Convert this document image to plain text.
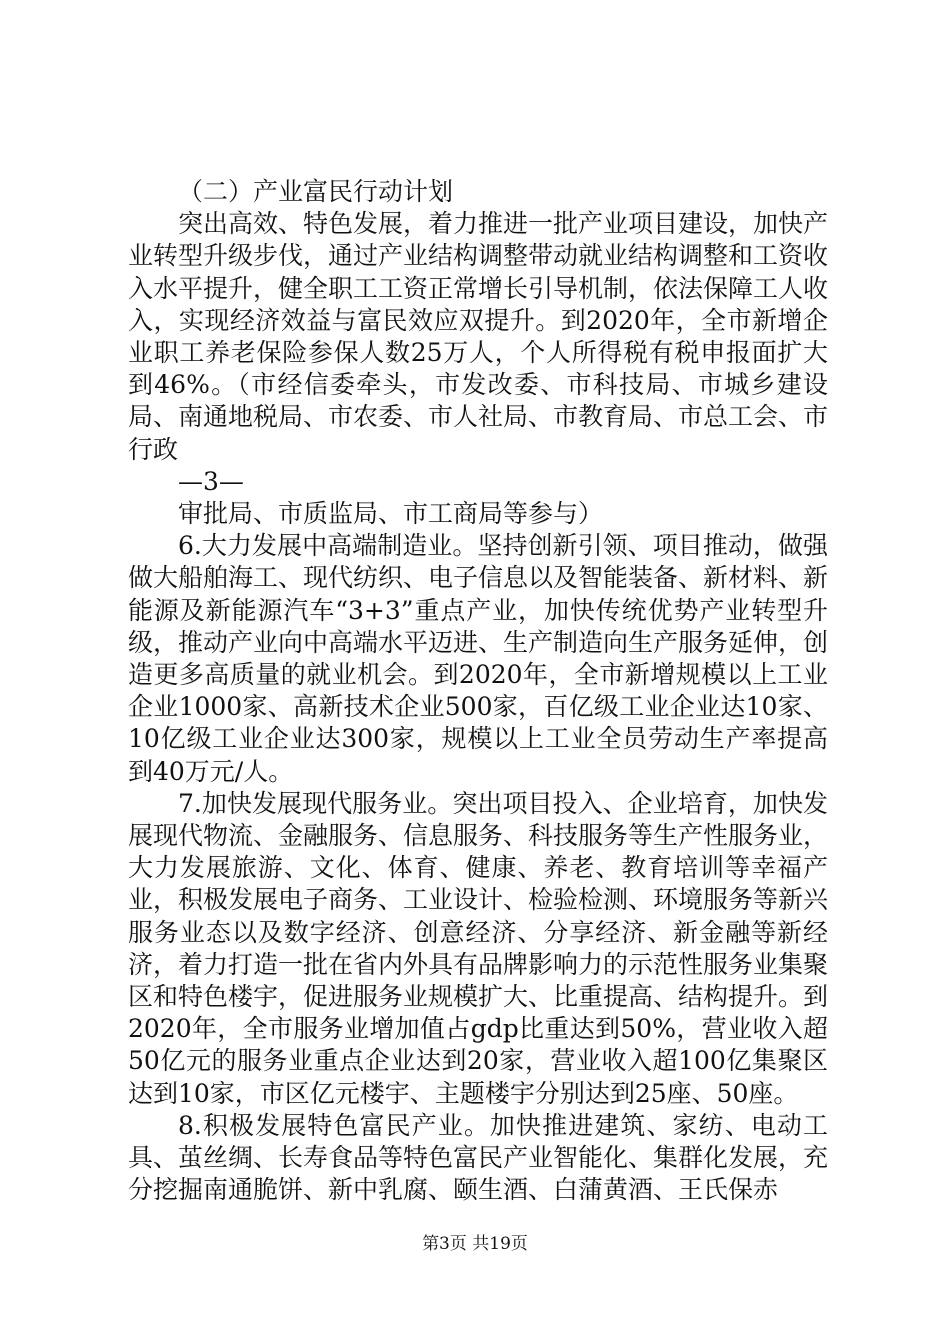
（二）产业富民行动计划

突出高效、特色发展，着力推进一批产业项目建设，加快产业转型升级步伐，通过产业结构调整带动就业结构调整和工资收入水平提升，健全职工工资正常增长引导机制，依法保障工人收入，实现经济效益与富民效应双提升。到2020年，全市新增企业职工养老保险参保人数25万人，个人所得税有税申报面扩大到46%。（市经信委牵头，市发改委、市科技局、市城乡建设局、南通地税局、市农委、市人社局、市教育局、市总工会、市行政

—3—

审批局、市质监局、市工商局等参与）

6.大力发展中高端制造业。坚持创新引领、项目推动，做强做大船舶海工、现代纺织、电子信息以及智能装备、新材料、新能源及新能源汽车“3+3”重点产业，加快传统优势产业转型升级，推动产业向中高端水平迈进、生产制造向生产服务延伸，创造更多高质量的就业机会。到2020年，全市新增规模以上工业企业1000家、高新技术企业500家，百亿级工业企业达10家、10亿级工业企业达300家，规模以上工业全员劳动生产率提高到40万元/人。

7.加快发展现代服务业。突出项目投入、企业培育，加快发展现代物流、金融服务、信息服务、科技服务等生产性服务业，大力发展旅游、文化、体育、健康、养老、教育培训等幸福产业，积极发展电子商务、工业设计、检验检测、环境服务等新兴服务业态以及数字经济、创意经济、分享经济、新金融等新经济，着力打造一批在省内外具有品牌影响力的示范性服务业集聚区和特色楼宇，促进服务业规模扩大、比重提高、结构提升。到2020年，全市服务业增加值占gdp比重达到50%，营业收入超50亿元的服务业重点企业达到20家，营业收入超100亿集聚区达到10家，市区亿元楼宇、主题楼宇分别达到25座、50座。

8.积极发展特色富民产业。加快推进建筑、家纺、电动工具、茧丝绸、长寿食品等特色富民产业智能化、集群化发展，充分挖掘南通脆饼、新中乳腐、颐生酒、白蒲黄酒、王氏保赤

第3页 共19页
